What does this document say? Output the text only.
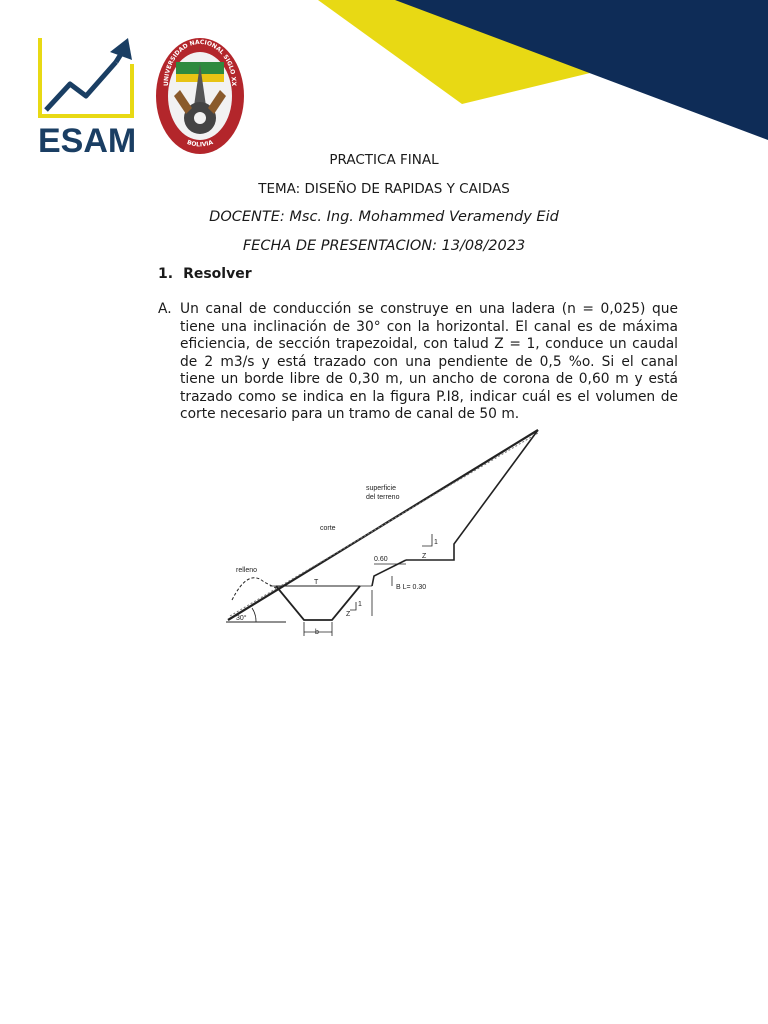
ESAM
UNIVERSIDAD NACIONAL SIGLO XX
BOLIVIA
PRACTICA FINAL
TEMA: DISEÑO DE RAPIDAS Y CAIDAS
DOCENTE: Msc. Ing. Mohammed Veramendy Eid
FECHA DE PRESENTACION: 13/08/2023
1. Resolver
A. Un canal de conducción se construye en una ladera (n = 0,025) que tiene una inclinación de 30° con la horizontal. El canal es de máxima eficiencia, de sección trapezoidal, con talud Z = 1, conduce un caudal de 2 m3/s y está trazado con una pendiente de 0,5 %o. Si el canal tiene un borde libre de 0,30 m, un ancho de corona de 0,60 m y está trazado como se indica en la figura P.I8, indicar cuál es el volumen de corte necesario para un tramo de canal de 50 m.
superficie
del terreno
corte
relleno
0.60
B L= 0.30
T
b
30°
Z
1
Z
1
